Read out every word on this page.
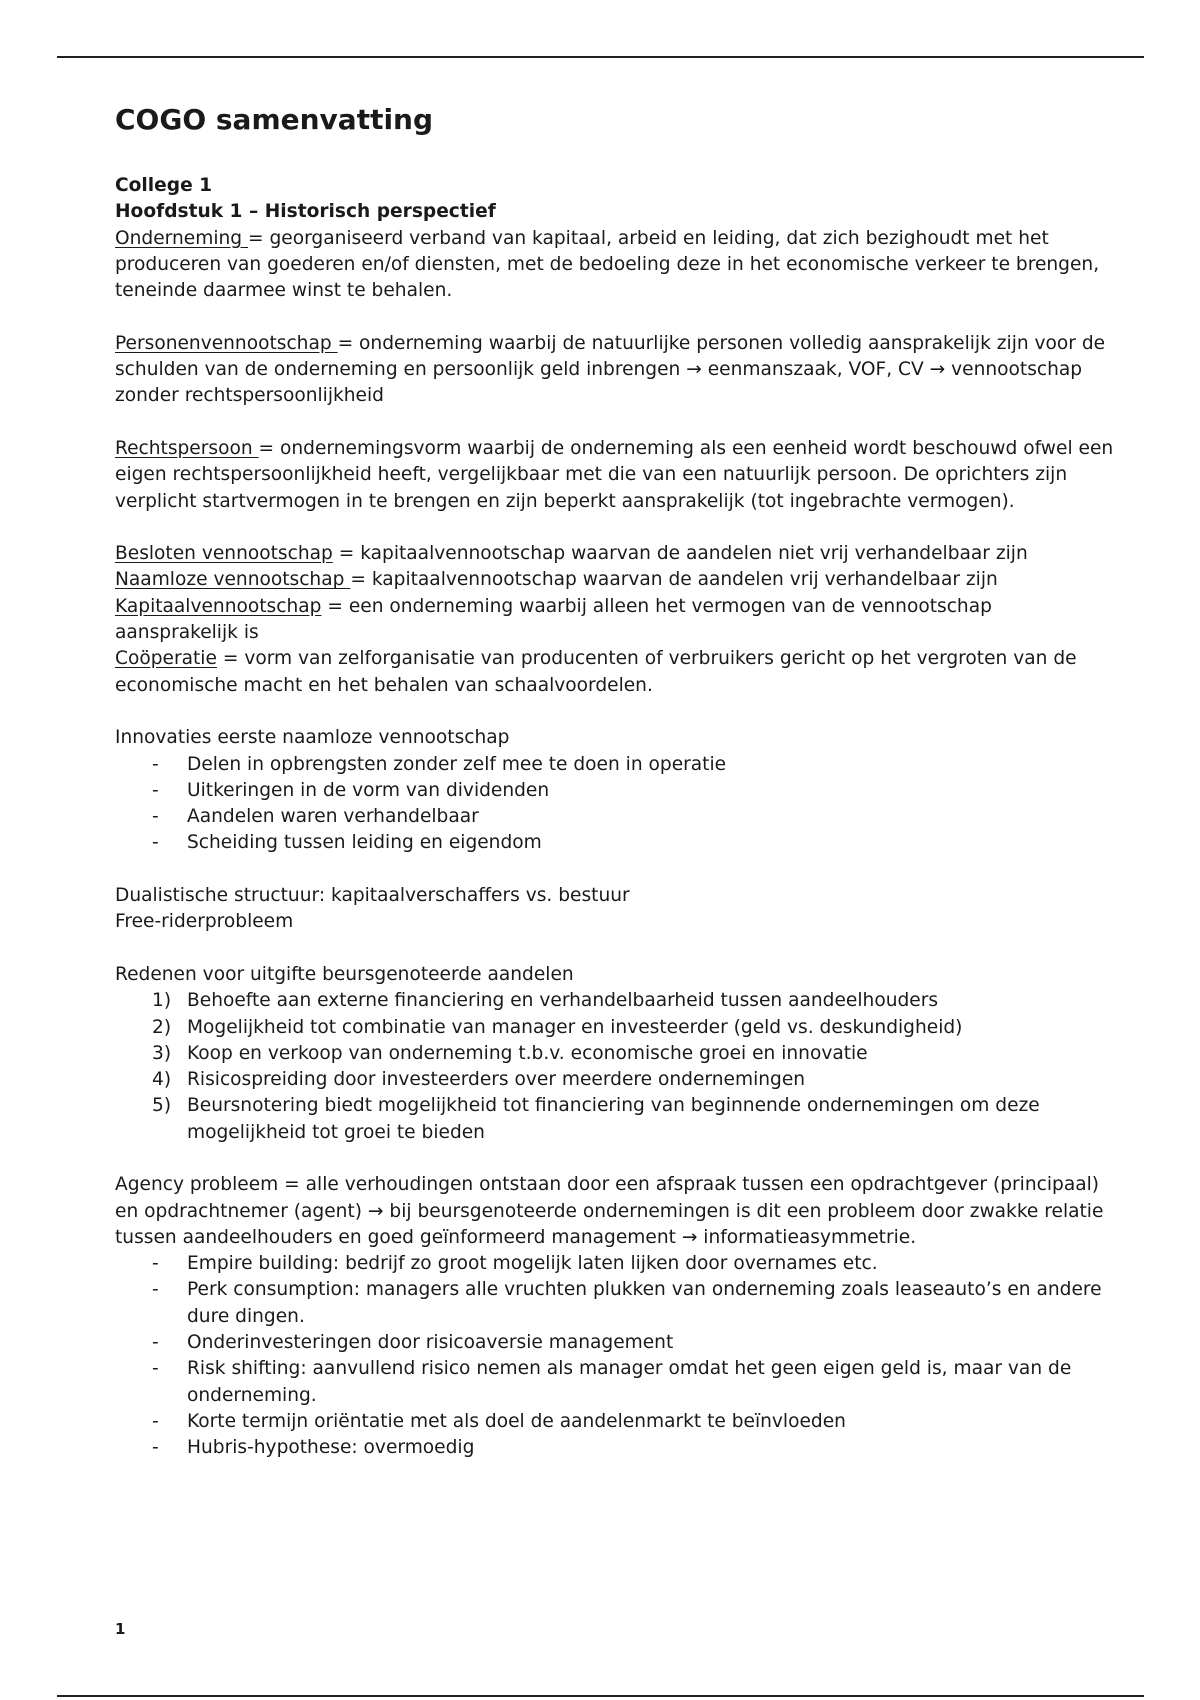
COGO samenvatting

College 1

Hoofdstuk 1 – Historisch perspectief

Onderneming = georganiseerd verband van kapitaal, arbeid en leiding, dat zich bezighoudt met het produceren van goederen en/of diensten, met de bedoeling deze in het economische verkeer te brengen, teneinde daarmee winst te behalen.

Personenvennootschap = onderneming waarbij de natuurlijke personen volledig aansprakelijk zijn voor de schulden van de onderneming en persoonlijk geld inbrengen → eenmanszaak, VOF, CV → vennootschap zonder rechtspersoonlijkheid

Rechtspersoon = ondernemingsvorm waarbij de onderneming als een eenheid wordt beschouwd ofwel een eigen rechtspersoonlijkheid heeft, vergelijkbaar met die van een natuurlijk persoon. De oprichters zijn verplicht startvermogen in te brengen en zijn beperkt aansprakelijk (tot ingebrachte vermogen).

Besloten vennootschap = kapitaalvennootschap waarvan de aandelen niet vrij verhandelbaar zijn

Naamloze vennootschap = kapitaalvennootschap waarvan de aandelen vrij verhandelbaar zijn

Kapitaalvennootschap = een onderneming waarbij alleen het vermogen van de vennootschap aansprakelijk is

Coöperatie = vorm van zelforganisatie van producenten of verbruikers gericht op het vergroten van de economische macht en het behalen van schaalvoordelen.

Innovaties eerste naamloze vennootschap

-	Delen in opbrengsten zonder zelf mee te doen in operatie
-	Uitkeringen in de vorm van dividenden
-	Aandelen waren verhandelbaar
-	Scheiding tussen leiding en eigendom

Dualistische structuur: kapitaalverschaffers vs. bestuur

Free-riderprobleem

Redenen voor uitgifte beursgenoteerde aandelen

1) Behoefte aan externe financiering en verhandelbaarheid tussen aandeelhouders
2) Mogelijkheid tot combinatie van manager en investeerder (geld vs. deskundigheid)
3) Koop en verkoop van onderneming t.b.v. economische groei en innovatie
4) Risicospreiding door investeerders over meerdere ondernemingen
5) Beursnotering biedt mogelijkheid tot financiering van beginnende ondernemingen om deze mogelijkheid tot groei te bieden

Agency probleem = alle verhoudingen ontstaan door een afspraak tussen een opdrachtgever (principaal) en opdrachtnemer (agent) → bij beursgenoteerde ondernemingen is dit een probleem door zwakke relatie tussen aandeelhouders en goed geïnformeerd management → informatieasymmetrie.

-	Empire building: bedrijf zo groot mogelijk laten lijken door overnames etc.
-	Perk consumption: managers alle vruchten plukken van onderneming zoals leaseauto’s en andere dure dingen.
-	Onderinvesteringen door risicoaversie management
-	Risk shifting: aanvullend risico nemen als manager omdat het geen eigen geld is, maar van de onderneming.
-	Korte termijn oriëntatie met als doel de aandelenmarkt te beïnvloeden
-	Hubris-hypothese: overmoedig
1
